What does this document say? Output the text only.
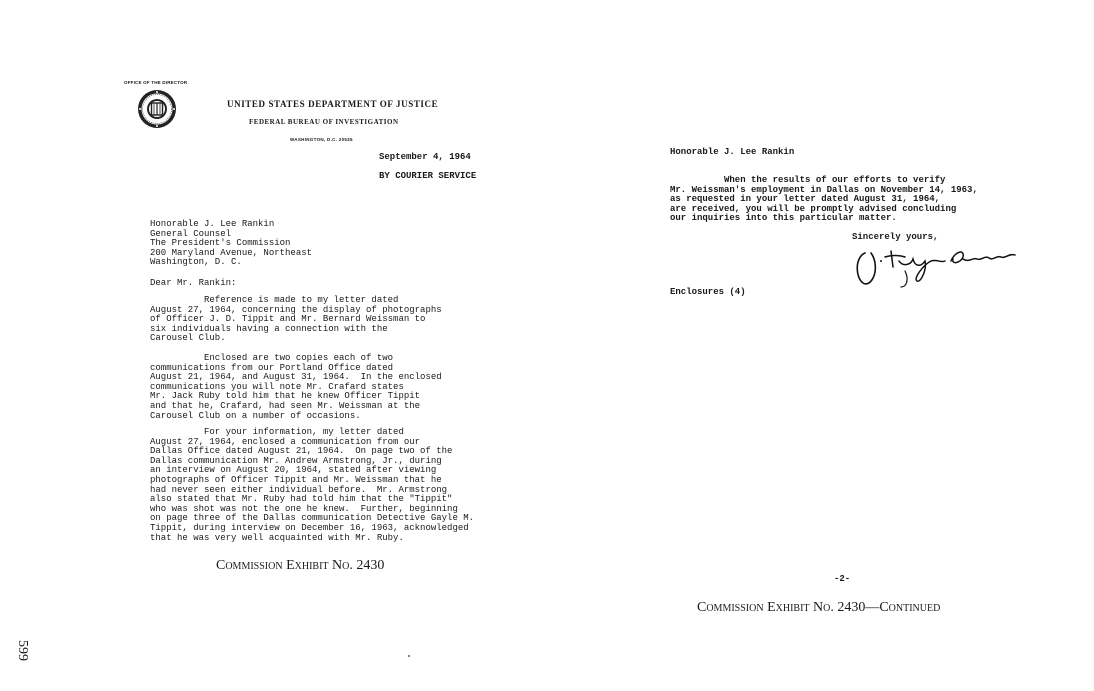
OFFICE OF THE DIRECTOR
UNITED STATES DEPARTMENT OF JUSTICE
FEDERAL BUREAU OF INVESTIGATION
WASHINGTON, D.C. 20535
September 4, 1964
BY COURIER SERVICE
Honorable J. Lee Rankin
General Counsel
The President's Commission
200 Maryland Avenue, Northeast
Washington, D. C.
Dear Mr. Rankin:
Reference is made to my letter dated
August 27, 1964, concerning the display of photographs
of Officer J. D. Tippit and Mr. Bernard Weissman to
six individuals having a connection with the
Carousel Club.
Enclosed are two copies each of two
communications from our Portland Office dated
August 21, 1964, and August 31, 1964.  In the enclosed
communications you will note Mr. Crafard states
Mr. Jack Ruby told him that he knew Officer Tippit
and that he, Crafard, had seen Mr. Weissman at the
Carousel Club on a number of occasions.
For your information, my letter dated
August 27, 1964, enclosed a communication from our
Dallas Office dated August 21, 1964.  On page two of the
Dallas communication Mr. Andrew Armstrong, Jr., during
an interview on August 20, 1964, stated after viewing
photographs of Officer Tippit and Mr. Weissman that he
had never seen either individual before.  Mr. Armstrong
also stated that Mr. Ruby had told him that the "Tippit"
who was shot was not the one he knew.  Further, beginning
on page three of the Dallas communication Detective Gayle M.
Tippit, during interview on December 16, 1963, acknowledged
that he was very well acquainted with Mr. Ruby.
Commission Exhibit No. 2430
599
Honorable J. Lee Rankin
When the results of our efforts to verify
Mr. Weissman's employment in Dallas on November 14, 1963,
as requested in your letter dated August 31, 1964,
are received, you will be promptly advised concluding
our inquiries into this particular matter.
Sincerely yours,
Enclosures (4)
-2-
Commission Exhibit No. 2430—Continued
